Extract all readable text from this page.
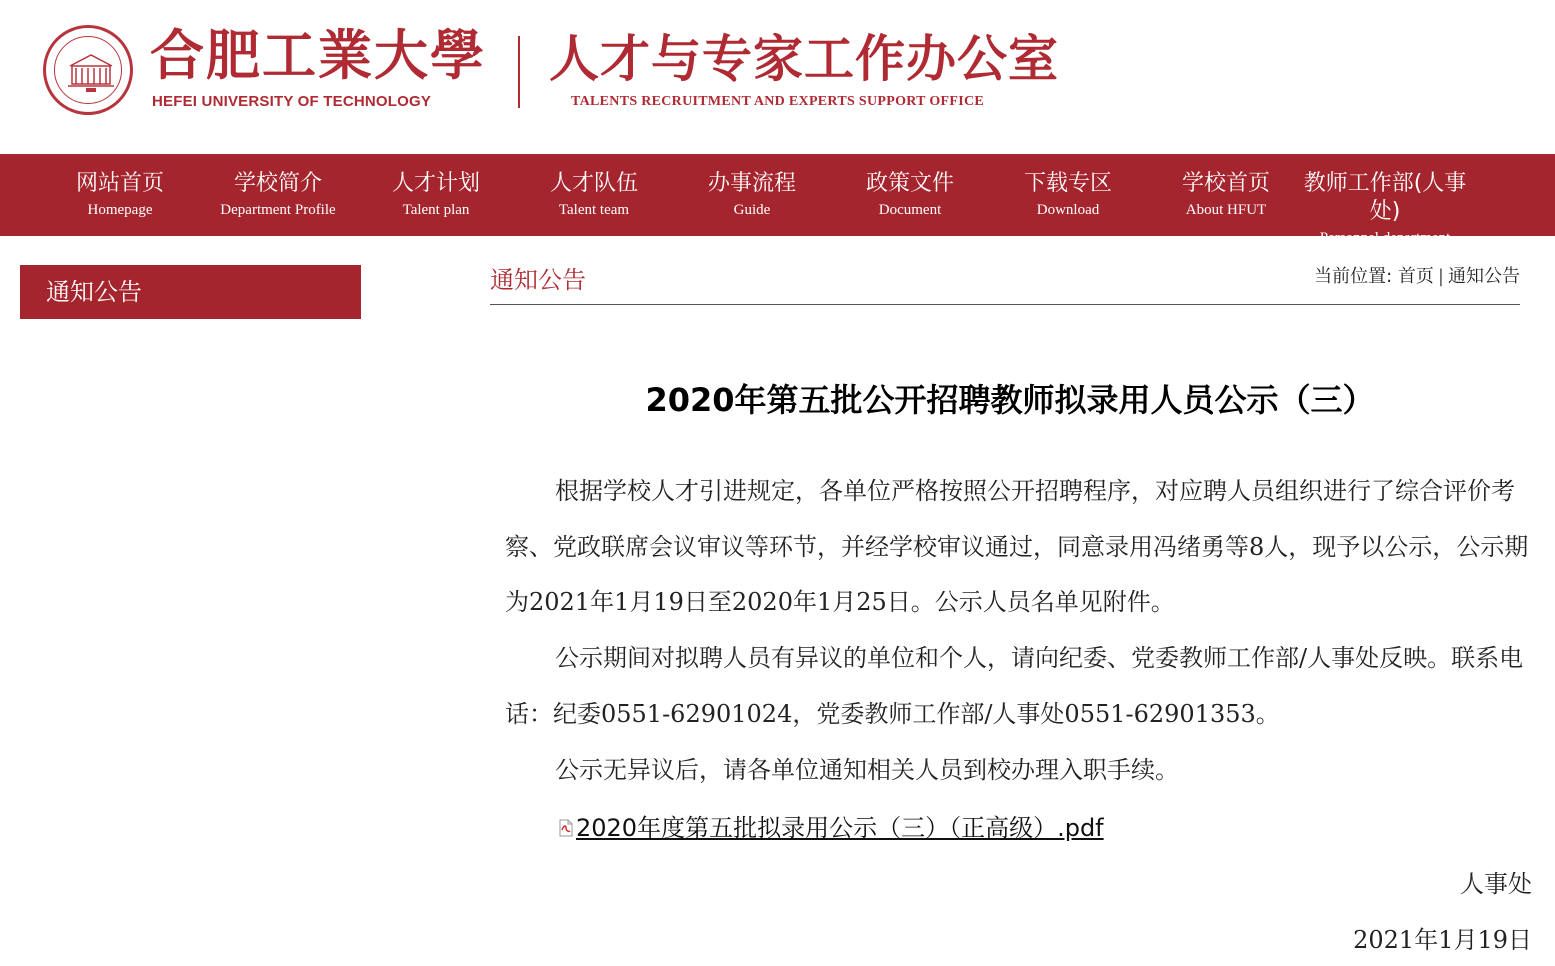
合肥工業大學
HEFEI UNIVERSITY OF TECHNOLOGY
人才与专家工作办公室
TALENTS RECRUITMENT AND EXPERTS SUPPORT OFFICE
网站首页
Homepage
学校简介
Department Profile
人才计划
Talent plan
人才队伍
Talent team
办事流程
Guide
政策文件
Document
下载专区
Download
学校首页
About HFUT
教师工作部(人事处)
Personnel department
通知公告	通知公告	当前位置: 首页 | 通知公告
2020年第五批公开招聘教师拟录用人员公示（三）
根据学校人才引进规定，各单位严格按照公开招聘程序，对应聘人员组织进行了综合评价考察、党政联席会议审议等环节，并经学校审议通过，同意录用冯绪勇等8人，现予以公示，公示期为2021年1月19日至2020年1月25日。公示人员名单见附件。
公示期间对拟聘人员有异议的单位和个人，请向纪委、党委教师工作部/人事处反映。联系电话：纪委0551-62901024，党委教师工作部/人事处0551-62901353。
公示无异议后，请各单位通知相关人员到校办理入职手续。
2020年度第五批拟录用公示（三）（正高级）.pdf
人事处
2021年1月19日
